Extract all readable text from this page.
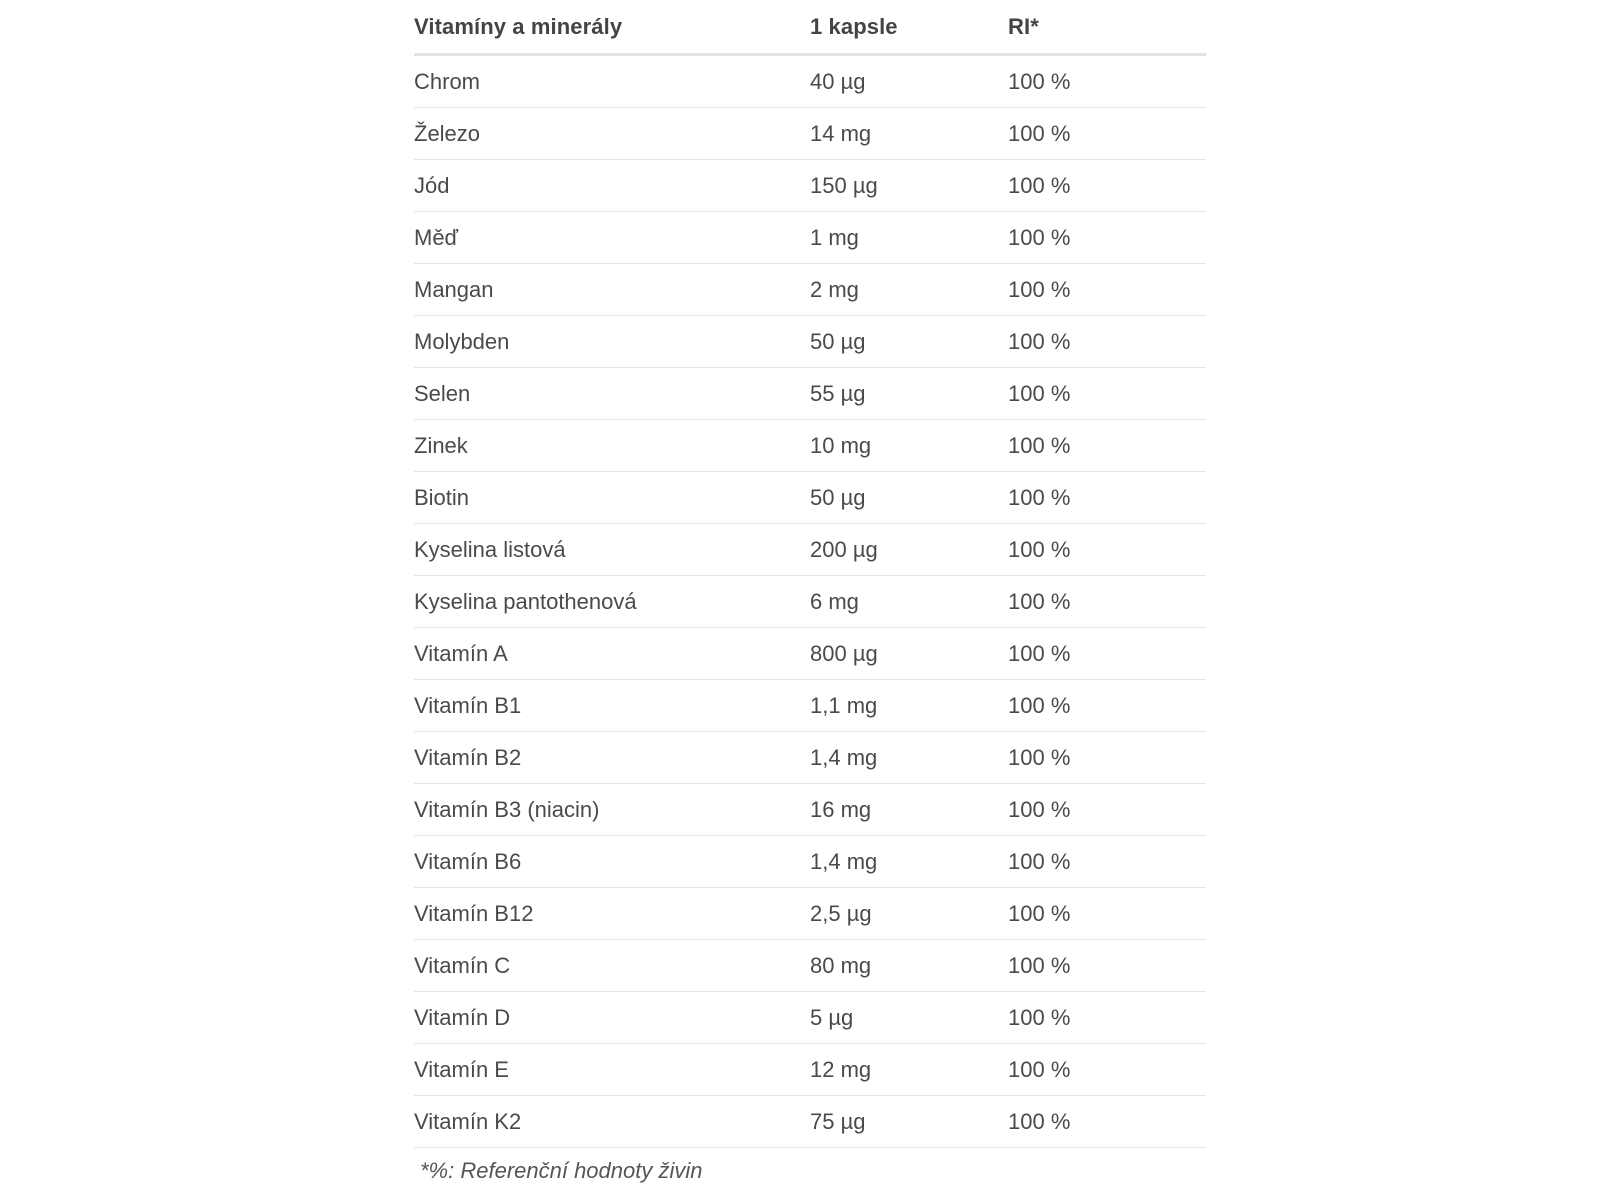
Vitamíny a minerály	1 kapsle	RI*
Chrom	40 µg	100 %
Železo	14 mg	100 %
Jód	150 µg	100 %
Měď	1 mg	100 %
Mangan	2 mg	100 %
Molybden	50 µg	100 %
Selen	55 µg	100 %
Zinek	10 mg	100 %
Biotin	50 µg	100 %
Kyselina listová	200 µg	100 %
Kyselina pantothenová	6 mg	100 %
Vitamín A	800 µg	100 %
Vitamín B1	1,1 mg	100 %
Vitamín B2	1,4 mg	100 %
Vitamín B3 (niacin)	16 mg	100 %
Vitamín B6	1,4 mg	100 %
Vitamín B12	2,5 µg	100 %
Vitamín C	80 mg	100 %
Vitamín D	5 µg	100 %
Vitamín E	12 mg	100 %
Vitamín K2	75 µg	100 %
*%: Referenční hodnoty živin
